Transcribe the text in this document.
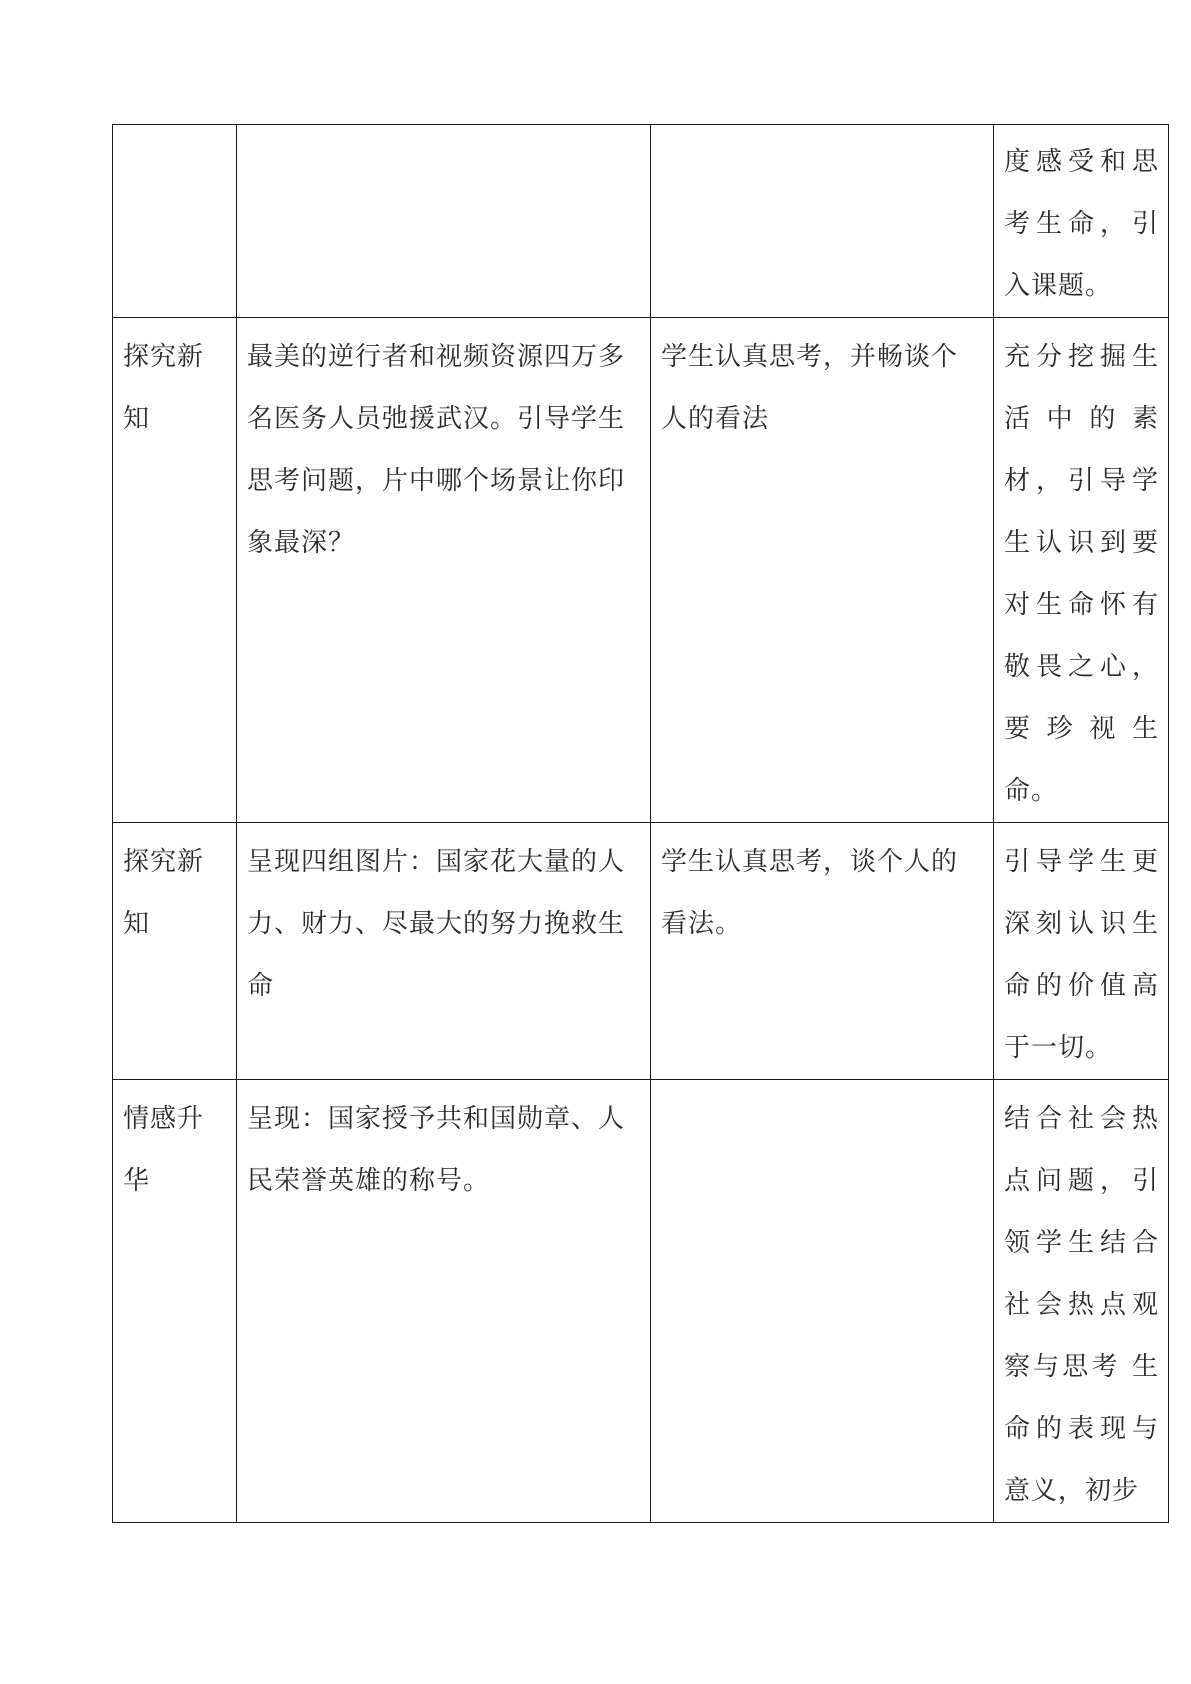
			度感受和思考生命，引入课题。

探究新知	最美的逆行者和视频资源四万多名医务人员弛援武汉。引导学生思考问题，片中哪个场景让你印象最深？	学生认真思考，并畅谈个人的看法	充分挖掘生活 中 的 素材，引导学生认识到要对生命怀有敬畏之心，要 珍 视 生命。

探究新知	呈现四组图片：国家花大量的人力、财力、尽最大的努力挽救生命	学生认真思考，谈个人的看法。	引导学生更深刻认识生命的价值高于一切。

情感升华	呈现：国家授予共和国勋章、人民荣誉英雄的称号。		结合社会热点问题，引领学生结合社会热点观察与思考 生命的表现与意义，初步
